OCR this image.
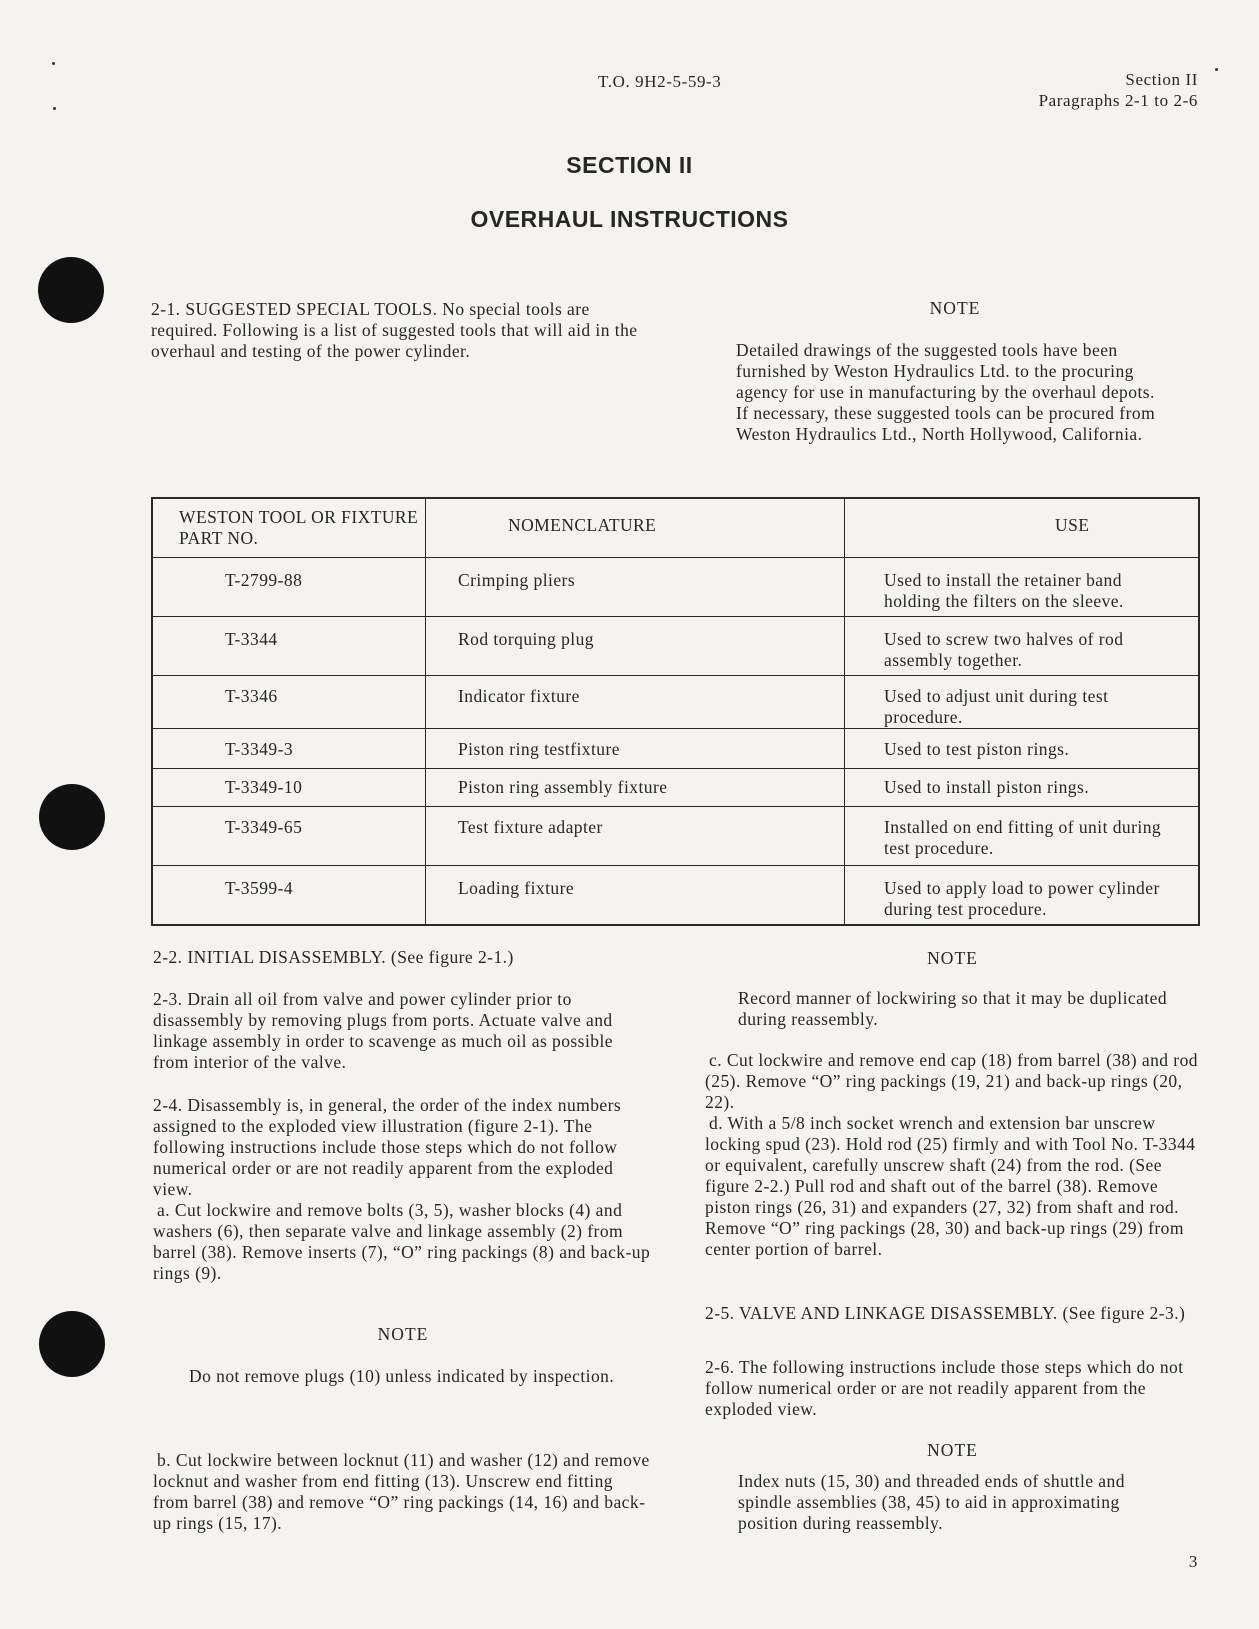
T.O. 9H2-5-59-3	Section II
Paragraphs 2-1 to 2-6
SECTION II
OVERHAUL INSTRUCTIONS

2-1. SUGGESTED SPECIAL TOOLS. No special tools are required. Following is a list of suggested tools that will aid in the overhaul and testing of the power cylinder.

NOTE

Detailed drawings of the suggested tools have been furnished by Weston Hydraulics Ltd. to the procuring agency for use in manufacturing by the overhaul depots. If necessary, these suggested tools can be procured from Weston Hydraulics Ltd., North Hollywood, California.

WESTON TOOL OR FIXTURE PART NO.	NOMENCLATURE	USE

T-2799-88	Crimping pliers	Used to install the retainer band holding the filters on the sleeve.

T-3344	Rod torquing plug	Used to screw two halves of rod assembly together.

T-3346	Indicator fixture	Used to adjust unit during test procedure.

T-3349-3	Piston ring testfixture	Used to test piston rings.

T-3349-10	Piston ring assembly fixture	Used to install piston rings.

T-3349-65	Test fixture adapter	Installed on end fitting of unit during test procedure.

T-3599-4	Loading fixture	Used to apply load to power cylinder during test procedure.

2-2. INITIAL DISASSEMBLY. (See figure 2-1.)

2-3. Drain all oil from valve and power cylinder prior to disassembly by removing plugs from ports. Actuate valve and linkage assembly in order to scavenge as much oil as possible from interior of the valve.

2-4. Disassembly is, in general, the order of the index numbers assigned to the exploded view illustration (figure 2-1). The following instructions include those steps which do not follow numerical order or are not readily apparent from the exploded view.

a. Cut lockwire and remove bolts (3, 5), washer blocks (4) and washers (6), then separate valve and linkage assembly (2) from barrel (38). Remove inserts (7), “O” ring packings (8) and back-up rings (9).

NOTE

Do not remove plugs (10) unless indicated by inspection.

b. Cut lockwire between locknut (11) and washer (12) and remove locknut and washer from end fitting (13). Unscrew end fitting from barrel (38) and remove “O” ring packings (14, 16) and back-up rings (15, 17).

NOTE

Record manner of lockwiring so that it may be duplicated during reassembly.

c. Cut lockwire and remove end cap (18) from barrel (38) and rod (25). Remove “O” ring packings (19, 21) and back-up rings (20, 22).

d. With a 5/8 inch socket wrench and extension bar unscrew locking spud (23). Hold rod (25) firmly and with Tool No. T-3344 or equivalent, carefully unscrew shaft (24) from the rod. (See figure 2-2.) Pull rod and shaft out of the barrel (38). Remove piston rings (26, 31) and expanders (27, 32) from shaft and rod. Remove “O” ring packings (28, 30) and back-up rings (29) from center portion of barrel.

2-5. VALVE AND LINKAGE DISASSEMBLY. (See figure 2-3.)

2-6. The following instructions include those steps which do not follow numerical order or are not readily apparent from the exploded view.

NOTE

Index nuts (15, 30) and threaded ends of shuttle and spindle assemblies (38, 45) to aid in approximating position during reassembly.

3
